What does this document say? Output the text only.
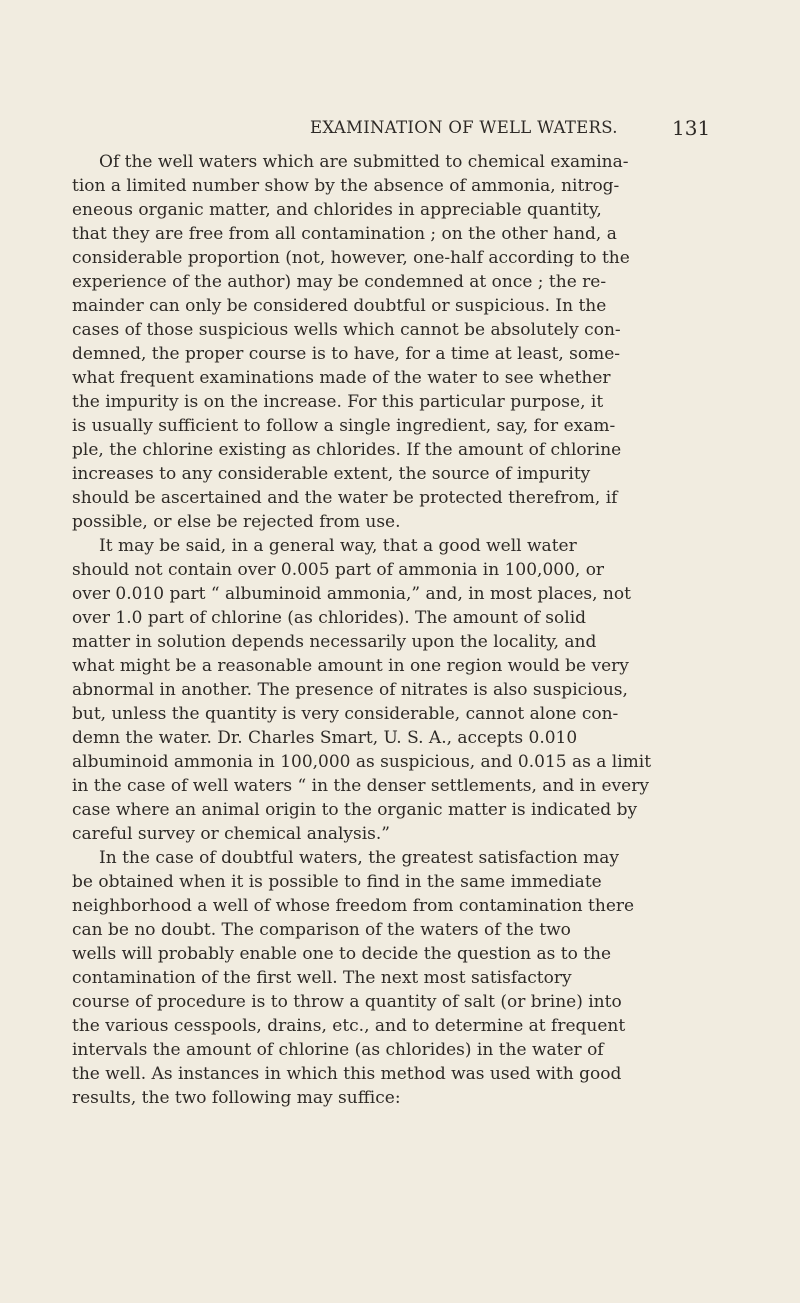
EXAMINATION OF WELL WATERS.	131
Of the well waters which are submitted to chemical examina-
tion a limited number show by the absence of ammonia, nitrog-
eneous organic matter, and chlorides in appreciable quantity,
that they are free from all contamination ; on the other hand, a
considerable proportion (not, however, one-half according to the
experience of the author) may be condemned at once ; the re-
mainder can only be considered doubtful or suspicious. In the
cases of those suspicious wells which cannot be absolutely con-
demned, the proper course is to have, for a time at least, some-
what frequent examinations made of the water to see whether
the impurity is on the increase. For this particular purpose, it
is usually sufficient to follow a single ingredient, say, for exam-
ple, the chlorine existing as chlorides. If the amount of chlorine
increases to any considerable extent, the source of impurity
should be ascertained and the water be protected therefrom, if
possible, or else be rejected from use.
It may be said, in a general way, that a good well water
should not contain over 0.005 part of ammonia in 100,000, or
over 0.010 part “ albuminoid ammonia,” and, in most places, not
over 1.0 part of chlorine (as chlorides). The amount of solid
matter in solution depends necessarily upon the locality, and
what might be a reasonable amount in one region would be very
abnormal in another. The presence of nitrates is also suspicious,
but, unless the quantity is very considerable, cannot alone con-
demn the water. Dr. Charles Smart, U. S. A., accepts 0.010
albuminoid ammonia in 100,000 as suspicious, and 0.015 as a limit
in the case of well waters “ in the denser settlements, and in every
case where an animal origin to the organic matter is indicated by
careful survey or chemical analysis.”
In the case of doubtful waters, the greatest satisfaction may
be obtained when it is possible to find in the same immediate
neighborhood a well of whose freedom from contamination there
can be no doubt. The comparison of the waters of the two
wells will probably enable one to decide the question as to the
contamination of the first well. The next most satisfactory
course of procedure is to throw a quantity of salt (or brine) into
the various cesspools, drains, etc., and to determine at frequent
intervals the amount of chlorine (as chlorides) in the water of
the well. As instances in which this method was used with good
results, the two following may suffice:
